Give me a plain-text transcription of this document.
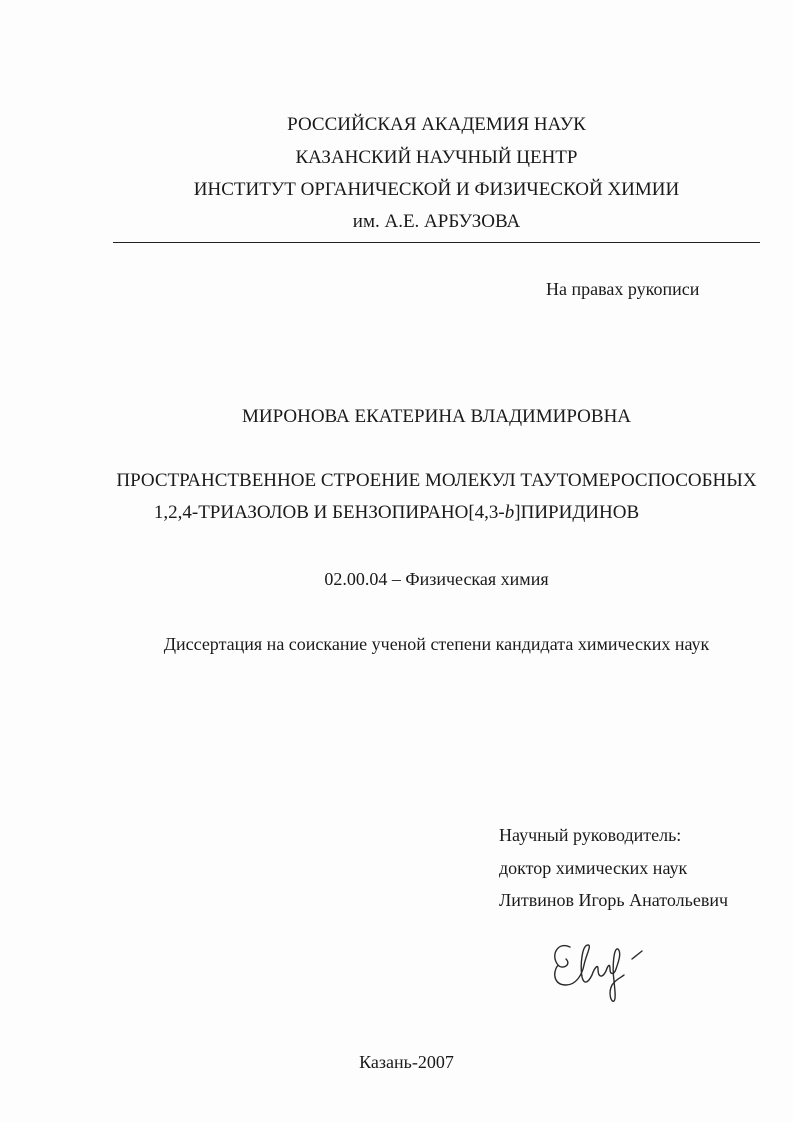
РОССИЙСКАЯ АКАДЕМИЯ НАУК
КАЗАНСКИЙ НАУЧНЫЙ ЦЕНТР
ИНСТИТУТ ОРГАНИЧЕСКОЙ И ФИЗИЧЕСКОЙ ХИМИИ
им. А.Е. АРБУЗОВА
На правах рукописи
МИРОНОВА ЕКАТЕРИНА ВЛАДИМИРОВНА
ПРОСТРАНСТВЕННОЕ СТРОЕНИЕ МОЛЕКУЛ ТАУТОМЕРОСПОСОБНЫХ
1,2,4-ТРИАЗОЛОВ И БЕНЗОПИРАНО[4,3-b]ПИРИДИНОВ
02.00.04 – Физическая химия
Диссертация на соискание ученой степени кандидата химических наук
Научный руководитель:
доктор химических наук
Литвинов Игорь Анатольевич
Казань-2007
